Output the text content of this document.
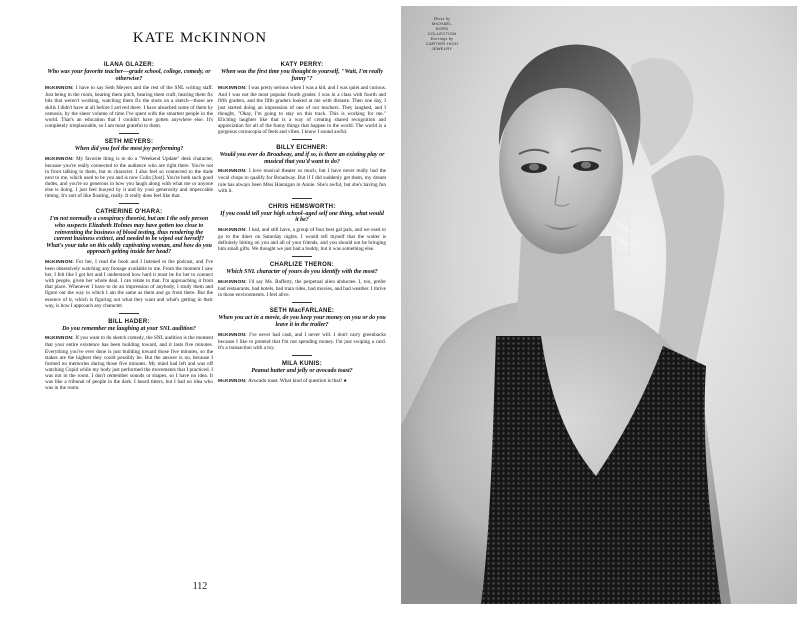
KATE McKINNON
ILANA GLAZER:
Who was your favorite teacher—grade school, college, comedy, or otherwise?
McKINNON: I have to say Seth Meyers and the rest of the SNL writing staff. Just being in the room, hearing them pitch, hearing them craft, hearing them fix bits that weren't working, watching them fix the shots on a sketch—those are skills I didn't have at all before I arrived there. I have absorbed some of them by osmosis, by the sheer volume of time I've spent with the smartest people in the world. That's an education that I couldn't have gotten anywhere else. It's completely irreplaceable, so I am most grateful to them.
SETH MEYERS:
When did you feel the most joy performing?
McKINNON: My favorite thing is to do a "Weekend Update" desk character, because you're really connected to the audience who are right there. You're not in front talking to them, but in character. I also feel so connected to the dude next to me, which used to be you and is now Colin [Jost]. You're both such good dudes, and you're so generous in how you laugh along with what me or anyone else is doing. I just feel buoyed by it and by your generosity and impeccable timing. It's sort of like floating, really. It really does feel like that.
CATHERINE O'HARA:
I'm not normally a conspiracy theorist, but am I the only person who suspects Elizabeth Holmes may have gotten too close to reinventing the business of blood testing, thus rendering the current business extinct, and needed to be wiped out herself? What's your take on this oddly captivating woman, and how do you approach getting inside her head?
McKINNON: For her, I read the book and I listened to the podcast, and I've been obsessively watching any footage available to me. From the moment I saw her, I felt like I got her and I understood how hard it must be for her to connect with people, given her whole deal. I can relate to that. I'm approaching it from that place. Whenever I have to do an impression of anybody, I study them and figure out the way in which I am the same as them and go from there. But the essence of it, which is figuring out what they want and what's getting in their way, is how I approach any character.
BILL HADER:
Do you remember me laughing at your SNL audition?
McKINNON: If you want to do sketch comedy, the SNL audition is the moment that your entire existence has been building toward, and it lasts five minutes. Everything you've ever done is just building toward those five minutes, so the stakes are the highest they could possibly be. But the answer is no, because I formed no memories during those five minutes. My mind had left and was off watching Cupid while my body just performed the movements that I practiced. I was not in the room. I don't remember sounds or shapes, so I have no idea. It was like a tribunal of people in the dark. I heard titters, but I had no idea who was in the room.
KATY PERRY:
When was the first time you thought to yourself, "Wait, I'm really funny"?
McKINNON: I was pretty serious when I was a kid, and I was quiet and curious. And I was not the most popular fourth grader. I was in a class with fourth and fifth graders, and the fifth graders looked at me with distaste. Then one day, I just started doing an impression of one of our teachers. They laughed, and I thought, "Okay, I'm going to stay on this track. This is working for me." Eliciting laughter like that is a way of creating shared recognition and appreciation for all of the funny things that happen in the world. The world is a gorgeous cornucopia of feels and vibes. I know I sound awful.
BILLY EICHNER:
Would you ever do Broadway, and if so, is there an existing play or musical that you'd want to do?
McKINNON: I love musical theater so much, but I have never really had the vocal chops to qualify for Broadway. But if I did suddenly get them, my dream role has always been Miss Hannigan in Annie. She's awful, but she's having fun with it.
CHRIS HEMSWORTH:
If you could tell your high school–aged self one thing, what would it be?
McKINNON: I had, and still have, a group of four best gal pals, and we used to go to the diner on Saturday nights. I would tell myself that the waiter is definitely hitting on you and all of your friends, and you should not be bringing him small gifts. We thought we just had a buddy, but it was something else.
CHARLIZE THERON:
Which SNL character of yours do you identify with the most?
McKINNON: I'd say Ms. Rafferty, the perpetual alien abductee. I, too, prefer bad restaurants, bad hotels, bad train rides, bad movies, and bad weather. I thrive in those environments. I feel alive.
SETH MacFARLANE:
When you act in a movie, do you keep your money on you or do you leave it in the trailer?
McKINNON: I've never had cash, and I never will. I don't carry greenbacks because I like to pretend that I'm not spending money. I'm just swiping a card. It's a transaction with a toy.
MILA KUNIS:
Peanut butter and jelly or avocado toast?
McKINNON: Avocado toast. What kind of question is that? ●
112
Dress by
MICHAEL
KORS
COLLECTION
Earrings by
CARTIER HIGH
JEWELRY
